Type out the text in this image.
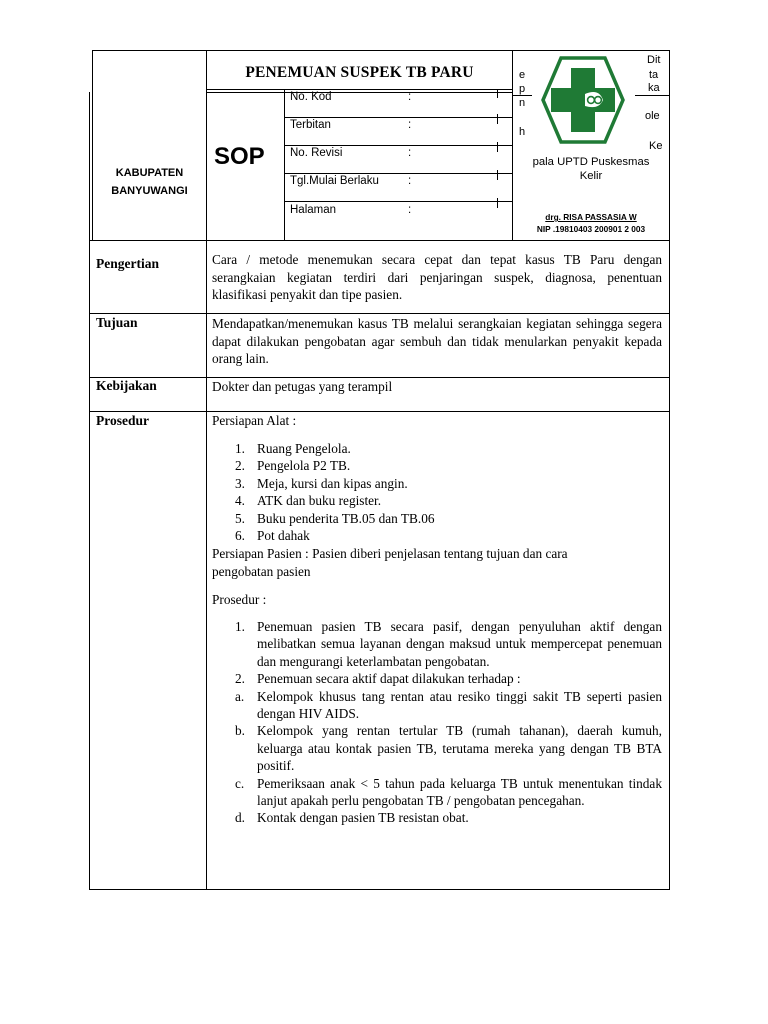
KABUPATEN BANYUWANGI
PENEMUAN SUSPEK TB PARU
SOP
No. Kod	:
Terbitan	:
No. Revisi	:
Tgl.Mulai Berlaku	:
Halaman	:
Dit
ta
ka
ole
Ke
e
p
n
h
pala UPTD Puskesmas
Kelir
drg. RISA PASSASIA W
NIP .19810403 200901 2 003
Pengertian	Cara / metode menemukan secara cepat dan tepat kasus TB Paru dengan serangkaian kegiatan terdiri dari penjaringan suspek, diagnosa, penentuan klasifikasi penyakit dan tipe pasien.
Tujuan	Mendapatkan/menemukan kasus TB melalui serangkaian kegiatan sehingga segera dapat dilakukan pengobatan agar sembuh dan tidak menularkan penyakit kepada orang lain.
Kebijakan	Dokter dan petugas yang terampil
Prosedur	Persiapan Alat :
1. Ruang Pengelola.
2. Pengelola P2 TB.
3. Meja, kursi dan kipas angin.
4. ATK dan buku register.
5. Buku penderita TB.05 dan TB.06
6. Pot dahak
Persiapan Pasien : Pasien diberi penjelasan tentang tujuan dan cara pengobatan pasien
Prosedur :
1. Penemuan pasien TB secara pasif, dengan penyuluhan aktif dengan melibatkan semua layanan dengan maksud untuk mempercepat penemuan dan mengurangi keterlambatan pengobatan.
2. Penemuan secara aktif dapat dilakukan terhadap :
a. Kelompok khusus tang rentan atau resiko tinggi sakit TB seperti pasien dengan HIV AIDS.
b. Kelompok yang rentan tertular TB (rumah tahanan), daerah kumuh, keluarga atau kontak pasien TB, terutama mereka yang dengan TB BTA positif.
c. Pemeriksaan anak < 5 tahun pada keluarga TB untuk menentukan tindak lanjut apakah perlu pengobatan TB / pengobatan pencegahan.
d. Kontak dengan pasien TB resistan obat.
